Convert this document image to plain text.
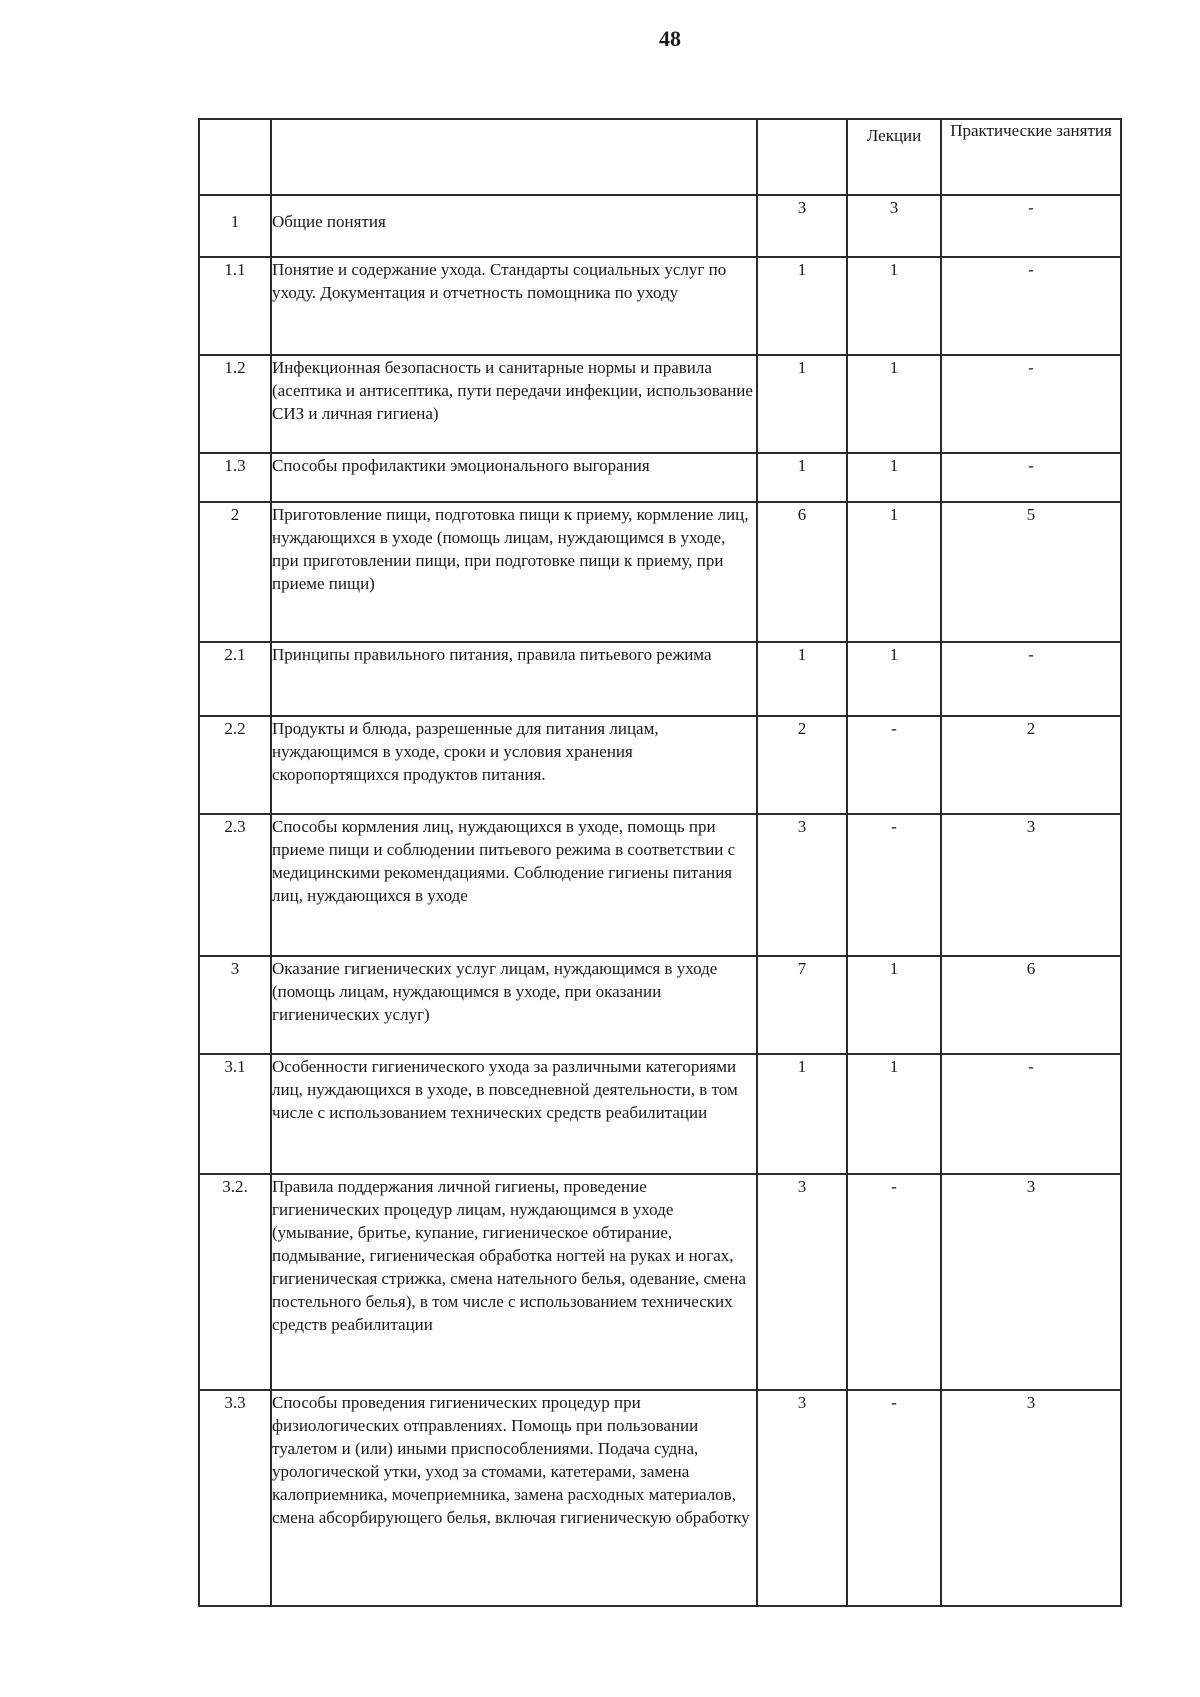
48
			Лекции	Практические занятия
1	Общие понятия	3	3	-
1.1	Понятие и содержание ухода. Стандарты социальных услуг по уходу. Документация и отчетность помощника по уходу	1	1	-
1.2	Инфекционная безопасность и санитарные нормы и правила (асептика и антисептика, пути передачи инфекции, использование СИЗ и личная гигиена)	1	1	-
1.3	Способы профилактики эмоционального выгорания	1	1	-
2	Приготовление пищи, подготовка пищи к приему, кормление лиц, нуждающихся в уходе (помощь лицам, нуждающимся в уходе, при приготовлении пищи, при подготовке пищи к приему, при приеме пищи)	6	1	5
2.1	Принципы правильного питания, правила питьевого режима	1	1	-
2.2	Продукты и блюда, разрешенные для питания лицам, нуждающимся в уходе, сроки и условия хранения скоропортящихся продуктов питания.	2	-	2
2.3	Способы кормления лиц, нуждающихся в уходе, помощь при приеме пищи и соблюдении питьевого режима в соответствии с медицинскими рекомендациями. Соблюдение гигиены питания лиц, нуждающихся в уходе	3	-	3
3	Оказание гигиенических услуг лицам, нуждающимся в уходе (помощь лицам, нуждающимся в уходе, при оказании гигиенических услуг)	7	1	6
3.1	Особенности гигиенического ухода за различными категориями лиц, нуждающихся в уходе, в повседневной деятельности, в том числе с использованием технических средств реабилитации	1	1	-
3.2.	Правила поддержания личной гигиены, проведение гигиенических процедур лицам, нуждающимся в уходе (умывание, бритье, купание, гигиеническое обтирание, подмывание, гигиеническая обработка ногтей на руках и ногах, гигиеническая стрижка, смена нательного белья, одевание, смена постельного белья), в том числе с использованием технических средств реабилитации	3	-	3
3.3	Способы проведения гигиенических процедур при физиологических отправлениях. Помощь при пользовании туалетом и (или) иными приспособлениями. Подача судна, урологической утки, уход за стомами, катетерами, замена калоприемника, мочеприемника, замена расходных материалов, смена абсорбирующего белья, включая гигиеническую обработку	3	-	3
